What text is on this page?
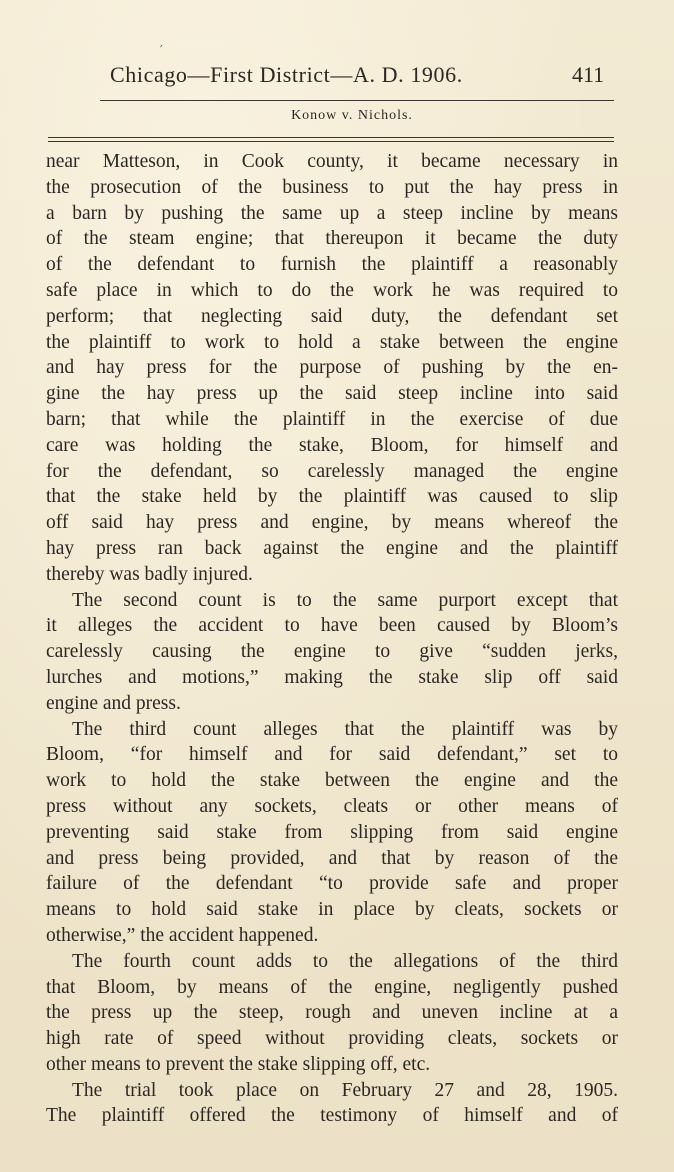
′
Chicago—First District—A. D. 1906.	411
Konow v. Nichols.
near Matteson, in Cook county, it became necessary in
the prosecution of the business to put the hay press in
a barn by pushing the same up a steep incline by means
of the steam engine; that thereupon it became the duty
of the defendant to furnish the plaintiff a reasonably
safe place in which to do the work he was required to
perform; that neglecting said duty, the defendant set
the plaintiff to work to hold a stake between the engine
and hay press for the purpose of pushing by the en-
gine the hay press up the said steep incline into said
barn; that while the plaintiff in the exercise of due
care was holding the stake, Bloom, for himself and
for the defendant, so carelessly managed the engine
that the stake held by the plaintiff was caused to slip
off said hay press and engine, by means whereof the
hay press ran back against the engine and the plaintiff
thereby was badly injured.
The second count is to the same purport except that
it alleges the accident to have been caused by Bloom’s
carelessly causing the engine to give “sudden jerks,
lurches and motions,” making the stake slip off said
engine and press.
The third count alleges that the plaintiff was by
Bloom, “for himself and for said defendant,” set to
work to hold the stake between the engine and the
press without any sockets, cleats or other means of
preventing said stake from slipping from said engine
and press being provided, and that by reason of the
failure of the defendant “to provide safe and proper
means to hold said stake in place by cleats, sockets or
otherwise,” the accident happened.
The fourth count adds to the allegations of the third
that Bloom, by means of the engine, negligently pushed
the press up the steep, rough and uneven incline at a
high rate of speed without providing cleats, sockets or
other means to prevent the stake slipping off, etc.
The trial took place on February 27 and 28, 1905.
The plaintiff offered the testimony of himself and of
